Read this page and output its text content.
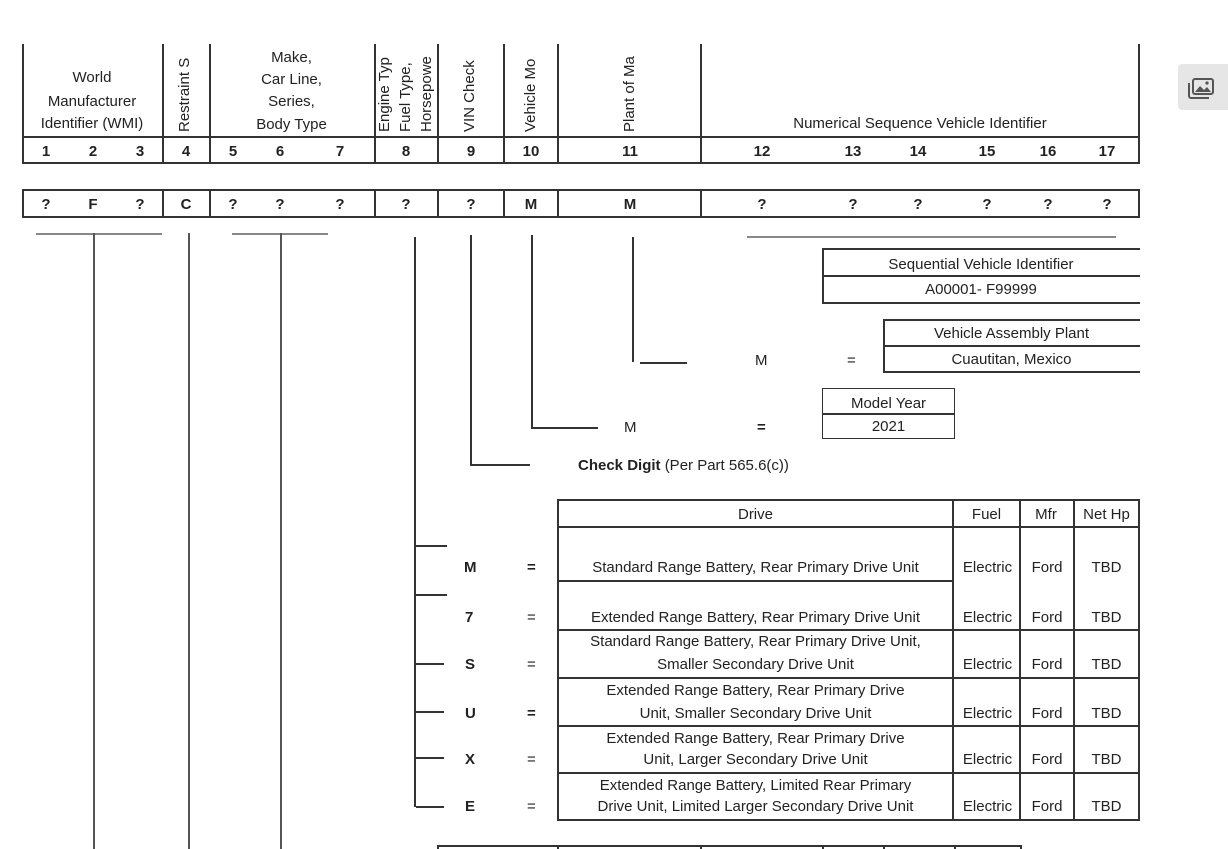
World
Manufacturer
Identifier (WMI)	Restraint S
Make,
Car Line,
Series,
Body Type	Engine Typ Fuel Type, Horsepowe VIN Check	Vehicle Mo	Plant of Ma	Numerical Sequence Vehicle Identifier
1	2	3	4	5	6	7	8	9	10	11	12	13	14	15	16	17
?	F	?	C	?	?	?	?	?	M	M	?	?	?	?	?	?
Sequential Vehicle Identifier
A00001- F99999
M	=
Vehicle Assembly Plant
Cuautitan, Mexico
M	=
Model Year
2021
Check Digit (Per Part 565.6(c))
Drive	Fuel	Mfr	Net Hp
M	=	Standard Range Battery, Rear Primary Drive Unit	Electric	Ford	TBD
7	=	Extended Range Battery, Rear Primary Drive Unit	Electric	Ford	TBD
S	=
Standard Range Battery, Rear Primary Drive Unit,
Smaller Secondary Drive Unit	Electric	Ford	TBD
U	=
Extended Range Battery, Rear Primary Drive
Unit, Smaller Secondary Drive Unit	Electric	Ford	TBD
X	=
Extended Range Battery, Rear Primary Drive
Unit, Larger Secondary Drive Unit	Electric	Ford	TBD
E	=
Extended Range Battery, Limited Rear Primary
Drive Unit, Limited Larger Secondary Drive Unit	Electric	Ford	TBD
